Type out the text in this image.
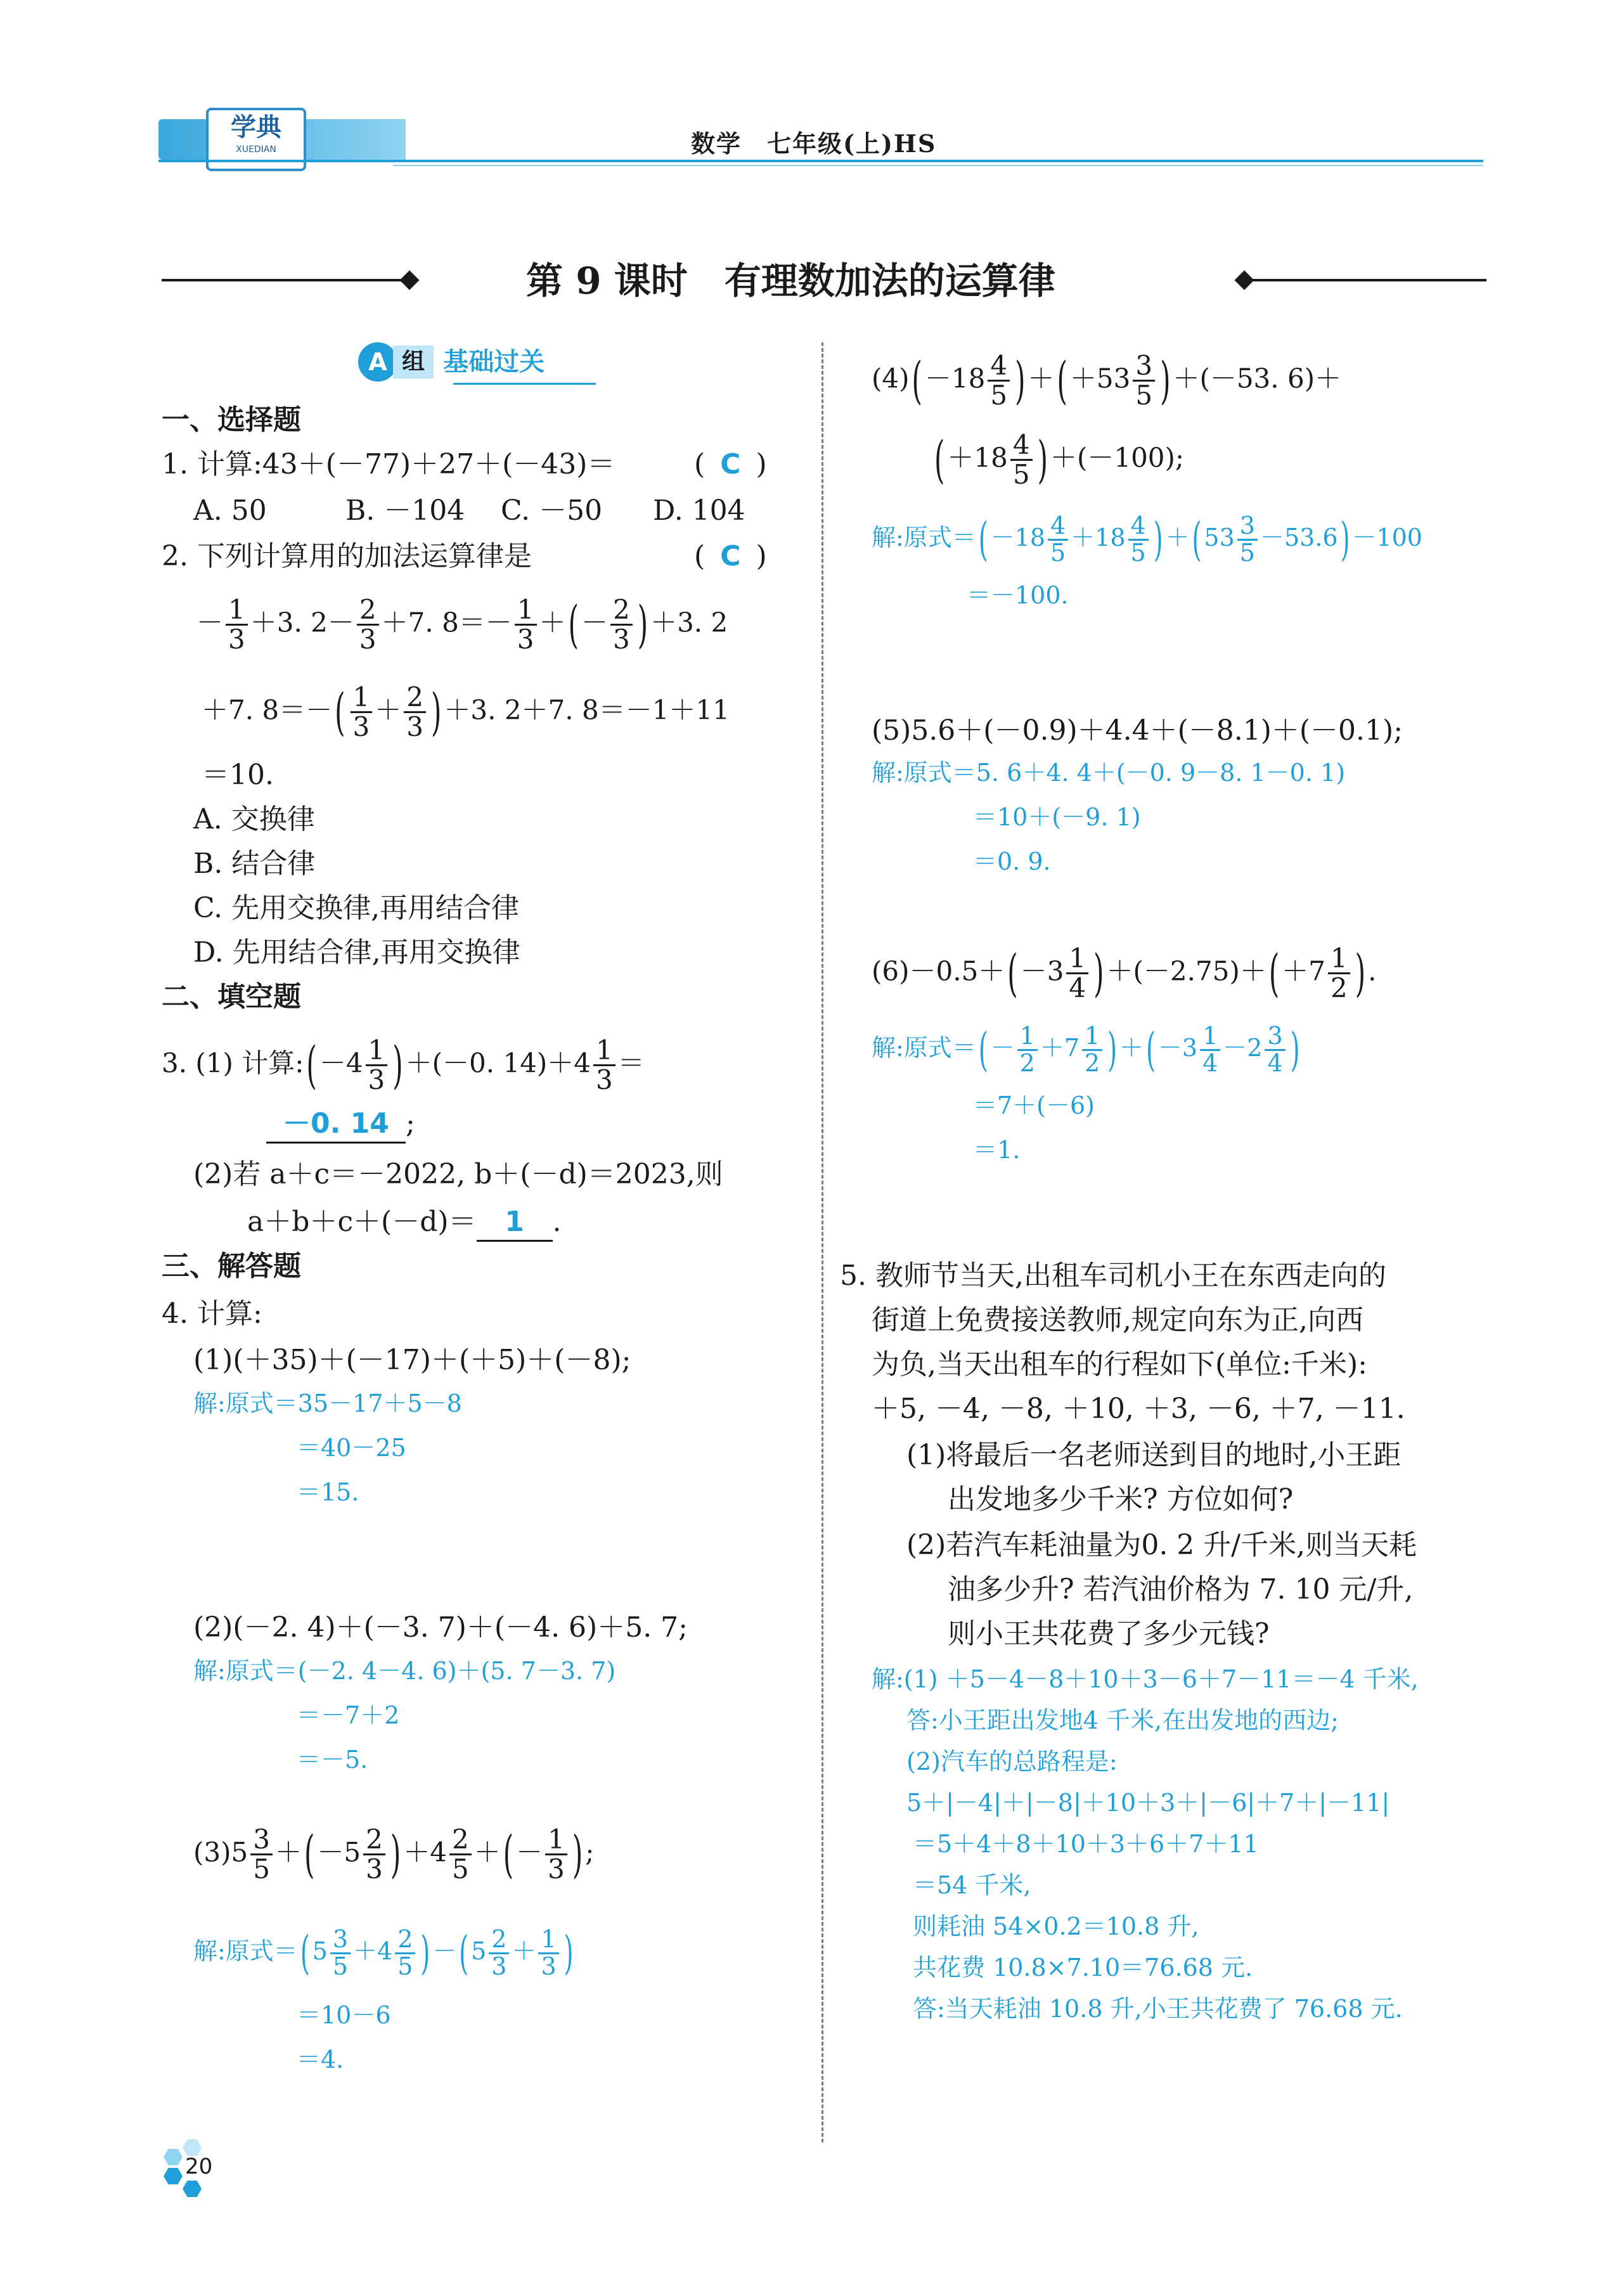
学典
XUEDIAN	数学　七年级(上)HS
第 9 课时　有理数加法的运算律
A 组 基础过关
一、选择题
1. 计算:43＋(－77)＋27＋(－43)＝	( C )
A. 50	B. －104 C. －50 D. 104
2. 下列计算用的加法运算律是	( C )
－ $\frac{1}{3} +3$. $2- \frac{2}{3} +7$. $8=- \frac{1}{3}$ ＋(－ $\frac{2}{3} )+3$. 2
＋7. $8=-( \frac{1}{3} + \frac{2}{3} )+3$. 2＋7. 8＝－1＋11
＝10.
A. 交换律
B. 结合律
C. 先用交换律,再用结合律
D. 先用结合律,再用交换律
二、填空题
3. (1) 计算:(－4 $\frac{1}{3} )+(-0$. $14)+4 \frac{1}{3}$ ＝
－0. 14 ;
(2)若 a＋c＝－2022, b＋(－d)＝2023,则
a＋b＋c＋(－d)＝ 1 .
三、解答题
4. 计算:
(1)(＋35)＋(－17)＋(＋5)＋(－8);
解:原式＝35－17＋5－8
＝40－25
＝15.
(2)(－2. 4)＋(－3. 7)＋(－4. 6)＋5. 7;
解:原式＝(－2. 4－4. 6)＋(5. 7－3. 7)
＝－7＋2
＝－5.
$(3)5 \frac{3}{5} +(-5 \frac{2}{3} )+4 \frac{2}{5}$ ＋(－ $\frac{1}{3}$ );
解:原式＝ ( $5 \frac{3}{5} +4 \frac{2}{5}$ ) － ( $5 \frac{2}{3} + \frac{1}{3}$ )
＝10－6
＝4.
$(4)(-18 \frac{4}{5} )+(+53 \frac{3}{5} )+(-53$. 6)＋
$(+18 \frac{4}{5} )+(-100)$;
解:原式＝ ( $-18 \frac{4}{5} +18 \frac{4}{5}$ ) ＋ ( $53 \frac{3}{5} -53.6$ ) －100
＝－100.
(5)5.6＋(－0.9)＋4.4＋(－8.1)＋(－0.1);
解:原式＝5. 6＋4. 4＋(－0. 9－8. 1－0. 1)
＝10＋(－9. 1)
＝0. 9.
$(6)-0.5+(-3 \frac{1}{4} )+(-2.75)+(+7 \frac{1}{2}$ ).
解:原式＝ ( － $\frac{1}{2} +7 \frac{1}{2}$ ) ＋ ( $-3 \frac{1}{4} -2 \frac{3}{4}$ )
＝7＋(－6)
＝1.
5. 教师节当天,出租车司机小王在东西走向的
街道上免费接送教师,规定向东为正,向西
为负,当天出租车的行程如下(单位:千米):
＋5, －4, －8, ＋10, ＋3, －6, ＋7, －11.
(1)将最后一名老师送到目的地时,小王距
出发地多少千米? 方位如何?
(2)若汽车耗油量为0. 2 升/千米,则当天耗
油多少升? 若汽油价格为 7. 10 元/升,
则小王共花费了多少元钱?
解:(1) ＋5－4－8＋10＋3－6＋7－11＝－4 千米,
答:小王距出发地4 千米,在出发地的西边;
(2)汽车的总路程是:
5＋|－4|＋|－8|＋10＋3＋|－6|＋7＋|－11|
＝5＋4＋8＋10＋3＋6＋7＋11
＝54 千米,
则耗油 54×0.2＝10.8 升,
共花费 10.8×7.10＝76.68 元.
答:当天耗油 10.8 升,小王共花费了 76.68 元.
20
